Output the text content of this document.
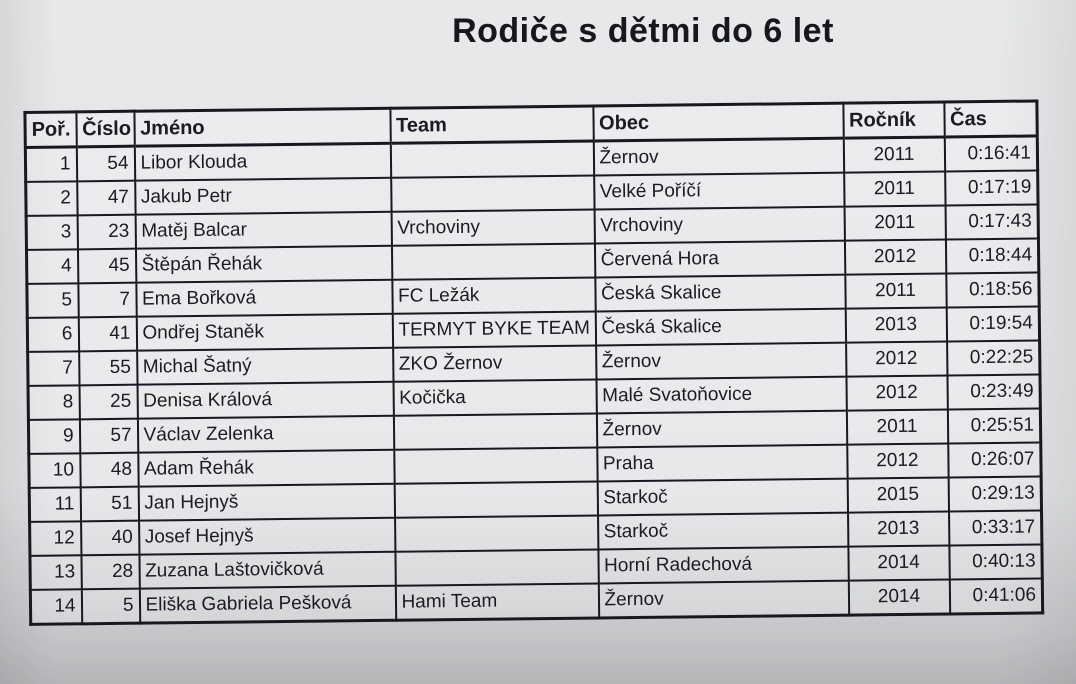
Rodiče s dětmi do 6 let
Poř.	Číslo	Jméno	Team	Obec	Ročník	Čas
1	54	Libor Klouda		Žernov	2011	0:16:41
2	47	Jakub Petr		Velké Poříčí	2011	0:17:19
3	23	Matěj Balcar	Vrchoviny	Vrchoviny	2011	0:17:43
4	45	Štěpán Řehák		Červená Hora	2012	0:18:44
5	7	Ema Bořková	FC Ležák	Česká Skalice	2011	0:18:56
6	41	Ondřej Staněk	TERMYT BYKE TEAM	Česká Skalice	2013	0:19:54
7	55	Michal Šatný	ZKO Žernov	Žernov	2012	0:22:25
8	25	Denisa Králová	Kočička	Malé Svatoňovice	2012	0:23:49
9	57	Václav Zelenka		Žernov	2011	0:25:51
10	48	Adam Řehák		Praha	2012	0:26:07
11	51	Jan Hejnyš		Starkoč	2015	0:29:13
12	40	Josef Hejnyš		Starkoč	2013	0:33:17
13	28	Zuzana Laštovičková		Horní Radechová	2014	0:40:13
14	5	Eliška Gabriela Pešková	Hami Team	Žernov	2014	0:41:06
